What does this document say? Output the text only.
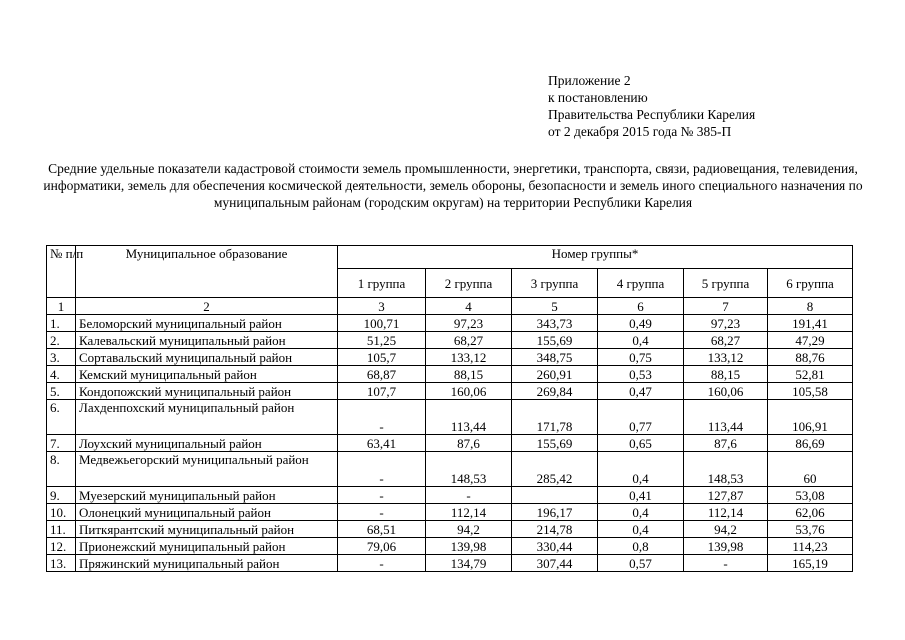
Приложение 2
к постановлению
Правительства Республики Карелия
от 2 декабря 2015 года № 385-П
Средние удельные показатели кадастровой стоимости земель промышленности, энергетики, транспорта, связи, радиовещания, телевидения, информатики, земель для обеспечения космической деятельности, земель обороны, безопасности и земель иного специального назначения по муниципальным районам (городским округам) на территории Республики Карелия
№ п/п	Муниципальное образование	Номер группы*					
		1 группа	2 группа	3 группа	4 группа	5 группа	6 группа
1	2	3	4	5	6	7	8
1.	Беломорский муниципальный район	100,71	97,23	343,73	0,49	97,23	191,41
2.	Калевальский муниципальный район	51,25	68,27	155,69	0,4	68,27	47,29
3.	Сортавальский муниципальный район	105,7	133,12	348,75	0,75	133,12	88,76
4.	Кемский муниципальный район	68,87	88,15	260,91	0,53	88,15	52,81
5.	Кондопожский муниципальный район	107,7	160,06	269,84	0,47	160,06	105,58
6.	Лахденпохский муниципальный район	-	113,44	171,78	0,77	113,44	106,91
7.	Лоухский муниципальный район	63,41	87,6	155,69	0,65	87,6	86,69
8.	Медвежьегорский муниципальный район	-	148,53	285,42	0,4	148,53	60
9.	Муезерский муниципальный район	-	-		0,41	127,87	53,08
10.	Олонецкий муниципальный район	-	112,14	196,17	0,4	112,14	62,06
11.	Питкярантский муниципальный район	68,51	94,2	214,78	0,4	94,2	53,76
12.	Прионежский муниципальный район	79,06	139,98	330,44	0,8	139,98	114,23
13.	Пряжинский муниципальный район	-	134,79	307,44	0,57	-	165,19
